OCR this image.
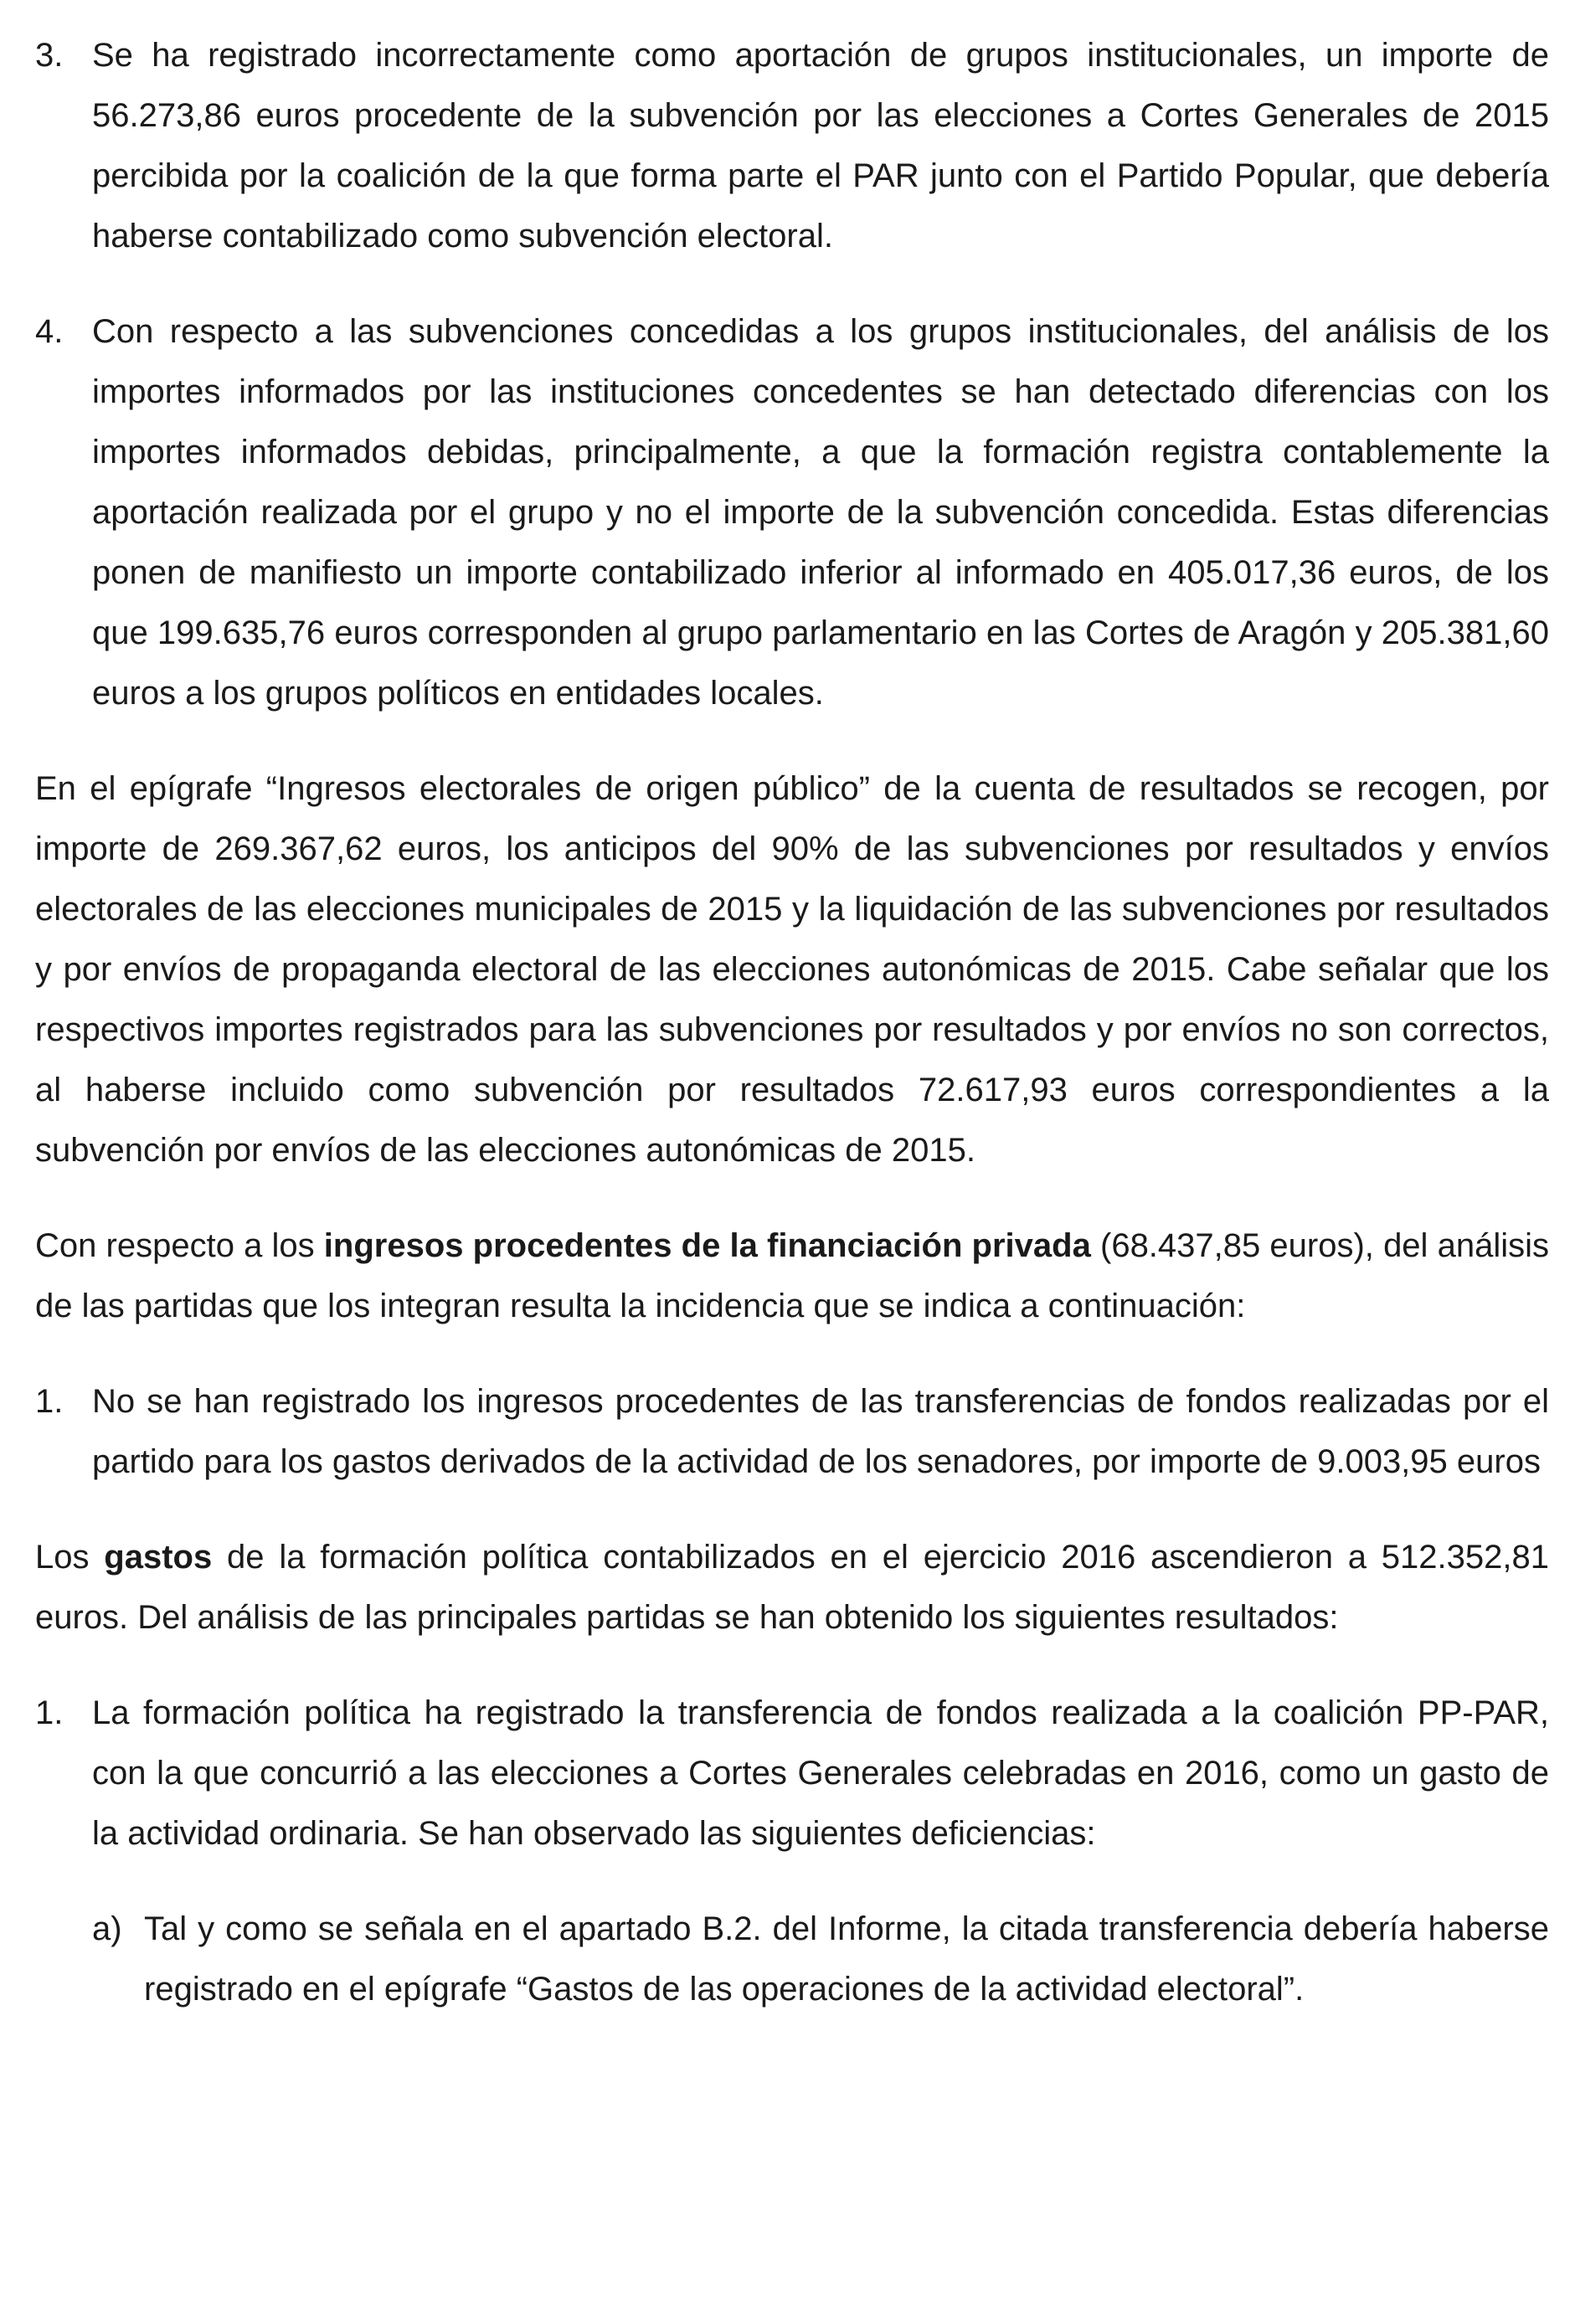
3. Se ha registrado incorrectamente como aportación de grupos institucionales, un importe de 56.273,86 euros procedente de la subvención por las elecciones a Cortes Generales de 2015 percibida por la coalición de la que forma parte el PAR junto con el Partido Popular, que debería haberse contabilizado como subvención electoral.
4. Con respecto a las subvenciones concedidas a los grupos institucionales, del análisis de los importes informados por las instituciones concedentes se han detectado diferencias con los importes informados debidas, principalmente, a que la formación registra contablemente la aportación realizada por el grupo y no el importe de la subvención concedida. Estas diferencias ponen de manifiesto un importe contabilizado inferior al informado en 405.017,36 euros, de los que 199.635,76 euros corresponden al grupo parlamentario en las Cortes de Aragón y 205.381,60 euros a los grupos políticos en entidades locales.

En el epígrafe “Ingresos electorales de origen público” de la cuenta de resultados se recogen, por importe de 269.367,62 euros, los anticipos del 90% de las subvenciones por resultados y envíos electorales de las elecciones municipales de 2015 y la liquidación de las subvenciones por resultados y por envíos de propaganda electoral de las elecciones autonómicas de 2015. Cabe señalar que los respectivos importes registrados para las subvenciones por resultados y por envíos no son correctos, al haberse incluido como subvención por resultados 72.617,93 euros correspondientes a la subvención por envíos de las elecciones autonómicas de 2015.

Con respecto a los ingresos procedentes de la financiación privada (68.437,85 euros), del análisis de las partidas que los integran resulta la incidencia que se indica a continuación:

1. No se han registrado los ingresos procedentes de las transferencias de fondos realizadas por el partido para los gastos derivados de la actividad de los senadores, por importe de 9.003,95 euros

Los gastos de la formación política contabilizados en el ejercicio 2016 ascendieron a 512.352,81 euros. Del análisis de las principales partidas se han obtenido los siguientes resultados:

1. La formación política ha registrado la transferencia de fondos realizada a la coalición PP-PAR, con la que concurrió a las elecciones a Cortes Generales celebradas en 2016, como un gasto de la actividad ordinaria. Se han observado las siguientes deficiencias:
a) Tal y como se señala en el apartado B.2. del Informe, la citada transferencia debería haberse registrado en el epígrafe “Gastos de las operaciones de la actividad electoral”.
